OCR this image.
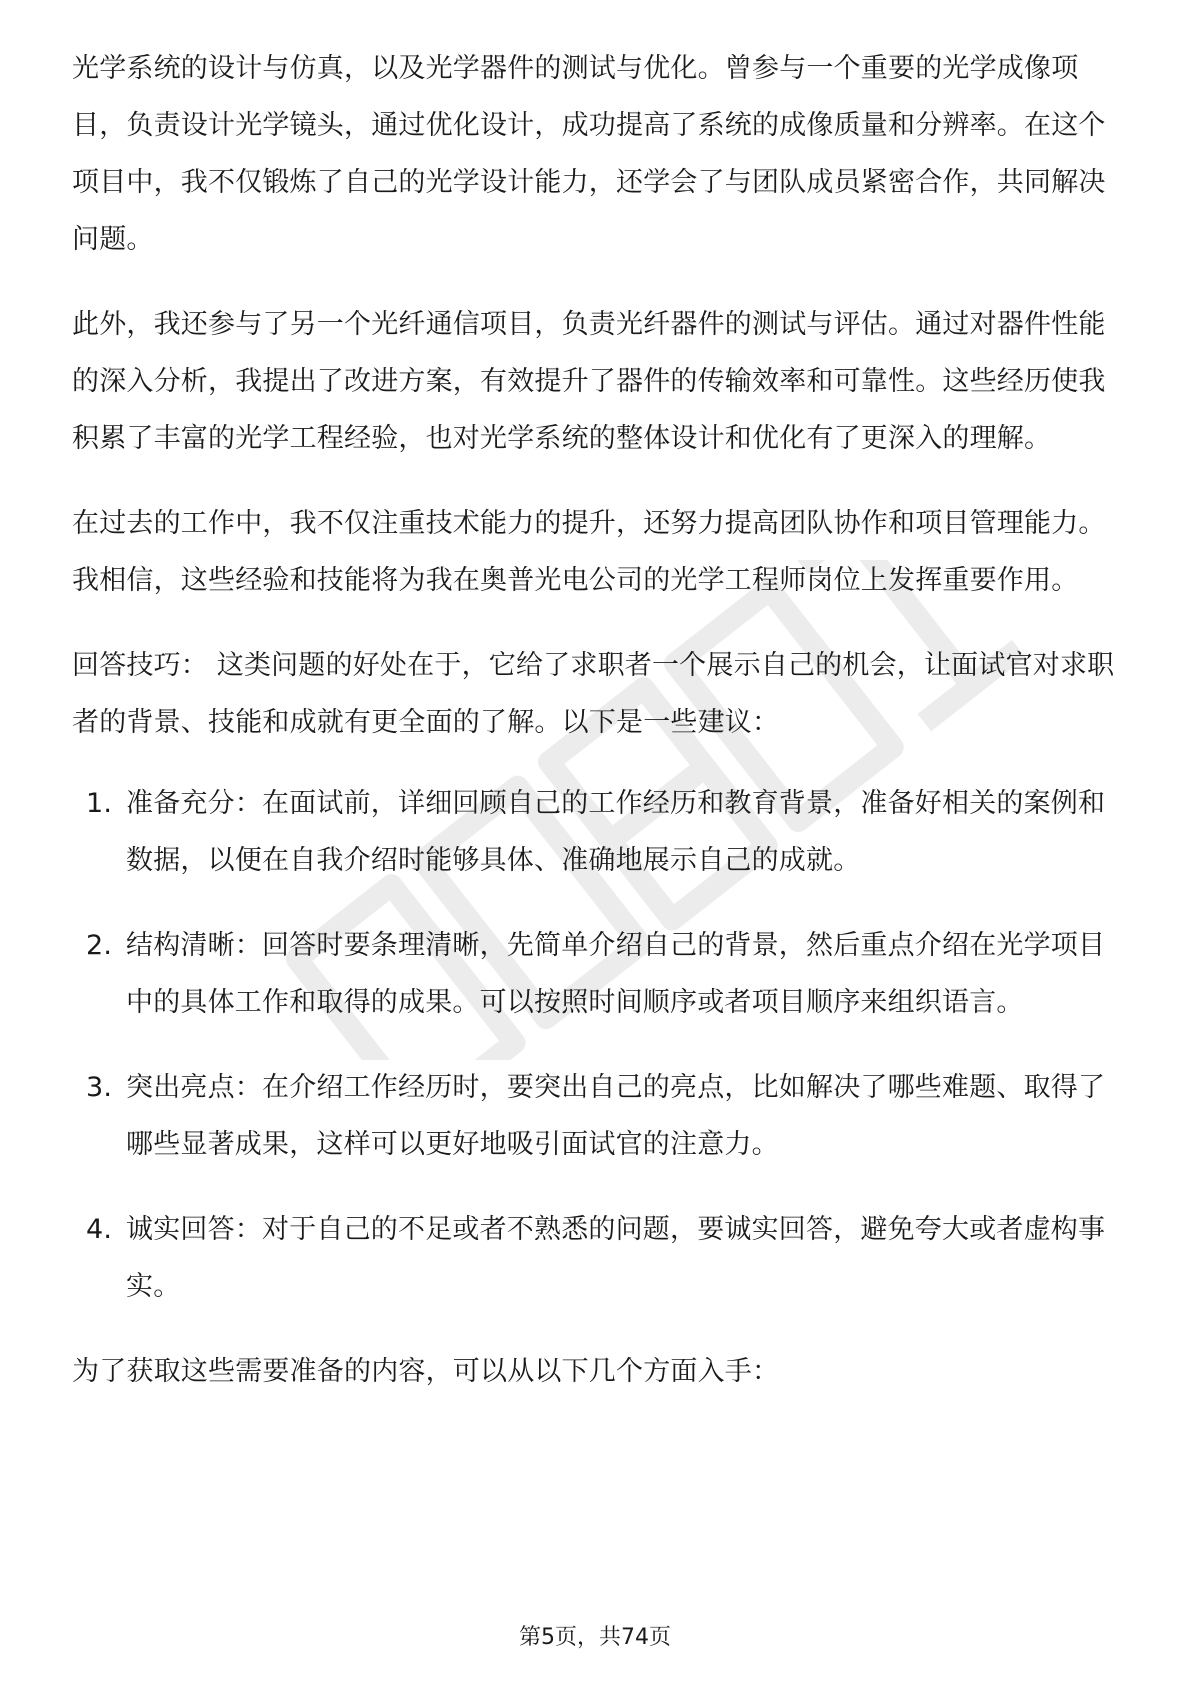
光学系统的设计与仿真，以及光学器件的测试与优化。曾参与一个重要的光学成像项目，负责设计光学镜头，通过优化设计，成功提高了系统的成像质量和分辨率。在这个项目中，我不仅锻炼了自己的光学设计能力，还学会了与团队成员紧密合作，共同解决问题。

此外，我还参与了另一个光纤通信项目，负责光纤器件的测试与评估。通过对器件性能的深入分析，我提出了改进方案，有效提升了器件的传输效率和可靠性。这些经历使我积累了丰富的光学工程经验，也对光学系统的整体设计和优化有了更深入的理解。

在过去的工作中，我不仅注重技术能力的提升，还努力提高团队协作和项目管理能力。我相信，这些经验和技能将为我在奥普光电公司的光学工程师岗位上发挥重要作用。

回答技巧： 这类问题的好处在于，它给了求职者一个展示自己的机会，让面试官对求职者的背景、技能和成就有更全面的了解。以下是一些建议：

1. 准备充分：在面试前，详细回顾自己的工作经历和教育背景，准备好相关的案例和数据，以便在自我介绍时能够具体、准确地展示自己的成就。
2. 结构清晰：回答时要条理清晰，先简单介绍自己的背景，然后重点介绍在光学项目中的具体工作和取得的成果。可以按照时间顺序或者项目顺序来组织语言。
3. 突出亮点：在介绍工作经历时，要突出自己的亮点，比如解决了哪些难题、取得了哪些显著成果，这样可以更好地吸引面试官的注意力。
4. 诚实回答：对于自己的不足或者不熟悉的问题，要诚实回答，避免夸大或者虚构事实。

为了获取这些需要准备的内容，可以从以下几个方面入手：

第5页，共74页
